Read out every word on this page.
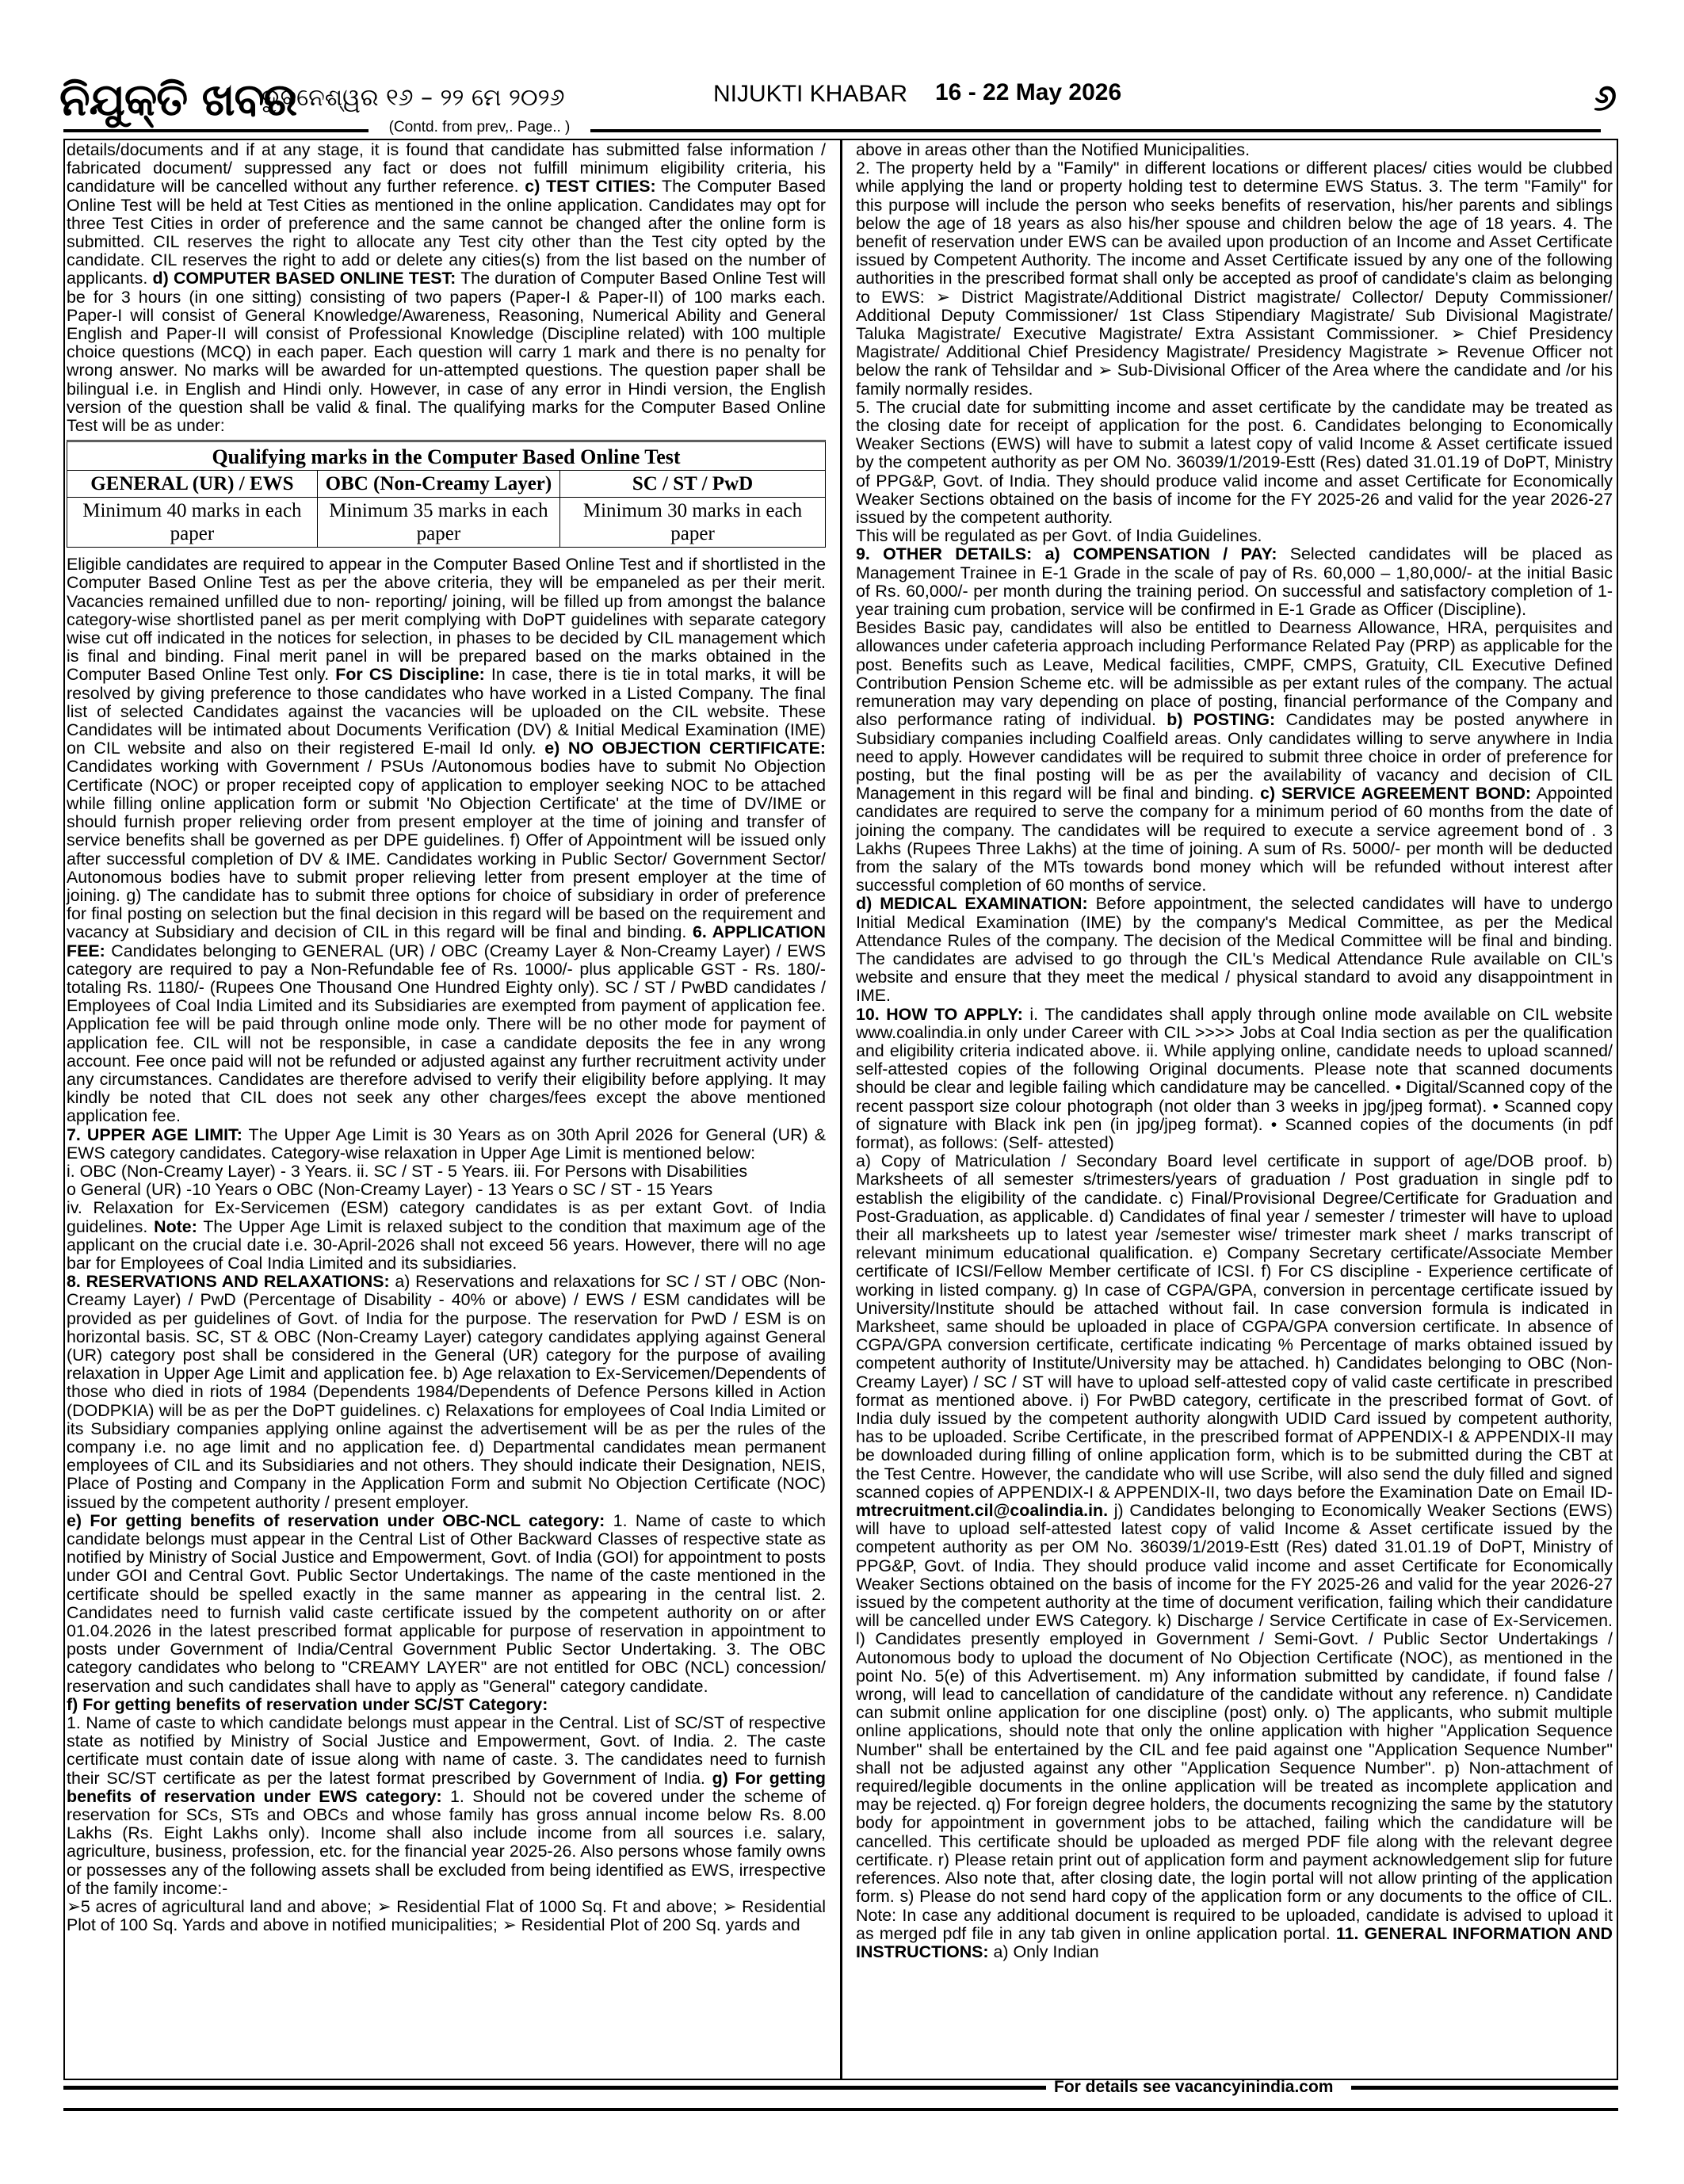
ନିଯୁକ୍ତି ଖବର
ଭୁବନେଶ୍ୱର ୧୬ – ୨୨ ମେ ୨୦୨୬	NIJUKTI KHABAR 16 - 22 May 2026	୬
(Contd. from prev,. Page.. )

details/documents and if at any stage, it is found that candidate has submitted false information / fabricated document/ suppressed any fact or does not fulfill minimum eligibility criteria, his candidature will be cancelled without any further reference. c) TEST CITIES: The Computer Based Online Test will be held at Test Cities as mentioned in the online application. Candidates may opt for three Test Cities in order of preference and the same cannot be changed after the online form is submitted. CIL reserves the right to allocate any Test city other than the Test city opted by the candidate. CIL reserves the right to add or delete any cities(s) from the list based on the number of applicants. d) COMPUTER BASED ONLINE TEST: The duration of Computer Based Online Test will be for 3 hours (in one sitting) consisting of two papers (Paper-I & Paper-II) of 100 marks each. Paper-I will consist of General Knowledge/Awareness, Reasoning, Numerical Ability and General English and Paper-II will consist of Professional Knowledge (Discipline related) with 100 multiple choice questions (MCQ) in each paper. Each question will carry 1 mark and there is no penalty for wrong answer. No marks will be awarded for un-attempted questions. The question paper shall be bilingual i.e. in English and Hindi only. However, in case of any error in Hindi version, the English version of the question shall be valid & final. The qualifying marks for the Computer Based Online Test will be as under:

Qualifying marks in the Computer Based Online Test
GENERAL (UR) / EWS	OBC (Non-Creamy Layer)	SC / ST / PwD
Minimum 40 marks in each paper	Minimum 35 marks in each paper	Minimum 30 marks in each paper

Eligible candidates are required to appear in the Computer Based Online Test and if shortlisted in the Computer Based Online Test as per the above criteria, they will be empaneled as per their merit. Vacancies remained unfilled due to non- reporting/ joining, will be filled up from amongst the balance category-wise shortlisted panel as per merit complying with DoPT guidelines with separate category wise cut off indicated in the notices for selection, in phases to be decided by CIL management which is final and binding. Final merit panel in will be prepared based on the marks obtained in the Computer Based Online Test only. For CS Discipline: In case, there is tie in total marks, it will be resolved by giving preference to those candidates who have worked in a Listed Company. The final list of selected Candidates against the vacancies will be uploaded on the CIL website. These Candidates will be intimated about Documents Verification (DV) & Initial Medical Examination (IME) on CIL website and also on their registered E-mail Id only. e) NO OBJECTION CERTIFICATE: Candidates working with Government / PSUs /Autonomous bodies have to submit No Objection Certificate (NOC) or proper receipted copy of application to employer seeking NOC to be attached while filling online application form or submit 'No Objection Certificate' at the time of DV/IME or should furnish proper relieving order from present employer at the time of joining and transfer of service benefits shall be governed as per DPE guidelines. f) Offer of Appointment will be issued only after successful completion of DV & IME. Candidates working in Public Sector/ Government Sector/ Autonomous bodies have to submit proper relieving letter from present employer at the time of joining. g) The candidate has to submit three options for choice of subsidiary in order of preference for final posting on selection but the final decision in this regard will be based on the requirement and vacancy at Subsidiary and decision of CIL in this regard will be final and binding. 6. APPLICATION FEE: Candidates belonging to GENERAL (UR) / OBC (Creamy Layer & Non-Creamy Layer) / EWS category are required to pay a Non-Refundable fee of Rs. 1000/- plus applicable GST - Rs. 180/- totaling Rs. 1180/- (Rupees One Thousand One Hundred Eighty only). SC / ST / PwBD candidates / Employees of Coal India Limited and its Subsidiaries are exempted from payment of application fee. Application fee will be paid through online mode only. There will be no other mode for payment of application fee. CIL will not be responsible, in case a candidate deposits the fee in any wrong account. Fee once paid will not be refunded or adjusted against any further recruitment activity under any circumstances. Candidates are therefore advised to verify their eligibility before applying. It may kindly be noted that CIL does not seek any other charges/fees except the above mentioned application fee.

7. UPPER AGE LIMIT: The Upper Age Limit is 30 Years as on 30th April 2026 for General (UR) & EWS category candidates. Category-wise relaxation in Upper Age Limit is mentioned below:

i. OBC (Non-Creamy Layer) - 3 Years. ii. SC / ST - 5 Years. iii. For Persons with Disabilities

o General (UR) -10 Years o OBC (Non-Creamy Layer) - 13 Years o SC / ST - 15 Years

iv. Relaxation for Ex-Servicemen (ESM) category candidates is as per extant Govt. of India guidelines. Note: The Upper Age Limit is relaxed subject to the condition that maximum age of the applicant on the crucial date i.e. 30-April-2026 shall not exceed 56 years. However, there will no age bar for Employees of Coal India Limited and its subsidiaries.

8. RESERVATIONS AND RELAXATIONS: a) Reservations and relaxations for SC / ST / OBC (Non-Creamy Layer) / PwD (Percentage of Disability - 40% or above) / EWS / ESM candidates will be provided as per guidelines of Govt. of India for the purpose. The reservation for PwD / ESM is on horizontal basis. SC, ST & OBC (Non-Creamy Layer) category candidates applying against General (UR) category post shall be considered in the General (UR) category for the purpose of availing relaxation in Upper Age Limit and application fee. b) Age relaxation to Ex-Servicemen/Dependents of those who died in riots of 1984 (Dependents 1984/Dependents of Defence Persons killed in Action (DODPKIA) will be as per the DoPT guidelines. c) Relaxations for employees of Coal India Limited or its Subsidiary companies applying online against the advertisement will be as per the rules of the company i.e. no age limit and no application fee. d) Departmental candidates mean permanent employees of CIL and its Subsidiaries and not others. They should indicate their Designation, NEIS, Place of Posting and Company in the Application Form and submit No Objection Certificate (NOC) issued by the competent authority / present employer.

e) For getting benefits of reservation under OBC-NCL category: 1. Name of caste to which candidate belongs must appear in the Central List of Other Backward Classes of respective state as notified by Ministry of Social Justice and Empowerment, Govt. of India (GOI) for appointment to posts under GOI and Central Govt. Public Sector Undertakings. The name of the caste mentioned in the certificate should be spelled exactly in the same manner as appearing in the central list. 2. Candidates need to furnish valid caste certificate issued by the competent authority on or after 01.04.2026 in the latest prescribed format applicable for purpose of reservation in appointment to posts under Government of India/Central Government Public Sector Undertaking. 3. The OBC category candidates who belong to "CREAMY LAYER" are not entitled for OBC (NCL) concession/ reservation and such candidates shall have to apply as "General" category candidate.

f) For getting benefits of reservation under SC/ST Category:

1. Name of caste to which candidate belongs must appear in the Central. List of SC/ST of respective state as notified by Ministry of Social Justice and Empowerment, Govt. of India. 2. The caste certificate must contain date of issue along with name of caste. 3. The candidates need to furnish their SC/ST certificate as per the latest format prescribed by Government of India. g) For getting benefits of reservation under EWS category: 1. Should not be covered under the scheme of reservation for SCs, STs and OBCs and whose family has gross annual income below Rs. 8.00 Lakhs (Rs. Eight Lakhs only). Income shall also include income from all sources i.e. salary, agriculture, business, profession, etc. for the financial year 2025-26. Also persons whose family owns or possesses any of the following assets shall be excluded from being identified as EWS, irrespective of the family income:-

➢5 acres of agricultural land and above; ➢ Residential Flat of 1000 Sq. Ft and above; ➢ Residential Plot of 100 Sq. Yards and above in notified municipalities; ➢ Residential Plot of 200 Sq. yards and

above in areas other than the Notified Municipalities.

2. The property held by a "Family" in different locations or different places/ cities would be clubbed while applying the land or property holding test to determine EWS Status. 3. The term "Family" for this purpose will include the person who seeks benefits of reservation, his/her parents and siblings below the age of 18 years as also his/her spouse and children below the age of 18 years. 4. The benefit of reservation under EWS can be availed upon production of an Income and Asset Certificate issued by Competent Authority. The income and Asset Certificate issued by any one of the following authorities in the prescribed format shall only be accepted as proof of candidate's claim as belonging to EWS: ➢ District Magistrate/Additional District magistrate/ Collector/ Deputy Commissioner/ Additional Deputy Commissioner/ 1st Class Stipendiary Magistrate/ Sub Divisional Magistrate/ Taluka Magistrate/ Executive Magistrate/ Extra Assistant Commissioner. ➢ Chief Presidency Magistrate/ Additional Chief Presidency Magistrate/ Presidency Magistrate ➢ Revenue Officer not below the rank of Tehsildar and ➢ Sub-Divisional Officer of the Area where the candidate and /or his family normally resides.

5. The crucial date for submitting income and asset certificate by the candidate may be treated as the closing date for receipt of application for the post. 6. Candidates belonging to Economically Weaker Sections (EWS) will have to submit a latest copy of valid Income & Asset certificate issued by the competent authority as per OM No. 36039/1/2019-Estt (Res) dated 31.01.19 of DoPT, Ministry of PPG&P, Govt. of India. They should produce valid income and asset Certificate for Economically Weaker Sections obtained on the basis of income for the FY 2025-26 and valid for the year 2026-27 issued by the competent authority.

This will be regulated as per Govt. of India Guidelines.

9. OTHER DETAILS: a) COMPENSATION / PAY: Selected candidates will be placed as Management Trainee in E-1 Grade in the scale of pay of Rs. 60,000 – 1,80,000/- at the initial Basic of Rs. 60,000/- per month during the training period. On successful and satisfactory completion of 1-year training cum probation, service will be confirmed in E-1 Grade as Officer (Discipline).

Besides Basic pay, candidates will also be entitled to Dearness Allowance, HRA, perquisites and allowances under cafeteria approach including Performance Related Pay (PRP) as applicable for the post. Benefits such as Leave, Medical facilities, CMPF, CMPS, Gratuity, CIL Executive Defined Contribution Pension Scheme etc. will be admissible as per extant rules of the company. The actual remuneration may vary depending on place of posting, financial performance of the Company and also performance rating of individual. b) POSTING: Candidates may be posted anywhere in Subsidiary companies including Coalfield areas. Only candidates willing to serve anywhere in India need to apply. However candidates will be required to submit three choice in order of preference for posting, but the final posting will be as per the availability of vacancy and decision of CIL Management in this regard will be final and binding. c) SERVICE AGREEMENT BOND: Appointed candidates are required to serve the company for a minimum period of 60 months from the date of joining the company. The candidates will be required to execute a service agreement bond of . 3 Lakhs (Rupees Three Lakhs) at the time of joining. A sum of Rs. 5000/- per month will be deducted from the salary of the MTs towards bond money which will be refunded without interest after successful completion of 60 months of service.

d) MEDICAL EXAMINATION: Before appointment, the selected candidates will have to undergo Initial Medical Examination (IME) by the company's Medical Committee, as per the Medical Attendance Rules of the company. The decision of the Medical Committee will be final and binding. The candidates are advised to go through the CIL's Medical Attendance Rule available on CIL's website and ensure that they meet the medical / physical standard to avoid any disappointment in IME.

10. HOW TO APPLY: i. The candidates shall apply through online mode available on CIL website www.coalindia.in only under Career with CIL >>>> Jobs at Coal India section as per the qualification and eligibility criteria indicated above. ii. While applying online, candidate needs to upload scanned/ self-attested copies of the following Original documents. Please note that scanned documents should be clear and legible failing which candidature may be cancelled. • Digital/Scanned copy of the recent passport size colour photograph (not older than 3 weeks in jpg/jpeg format). • Scanned copy of signature with Black ink pen (in jpg/jpeg format). • Scanned copies of the documents (in pdf format), as follows: (Self- attested)

a) Copy of Matriculation / Secondary Board level certificate in support of age/DOB proof. b) Marksheets of all semester s/trimesters/years of graduation / Post graduation in single pdf to establish the eligibility of the candidate. c) Final/Provisional Degree/Certificate for Graduation and Post-Graduation, as applicable. d) Candidates of final year / semester / trimester will have to upload their all marksheets up to latest year /semester wise/ trimester mark sheet / marks transcript of relevant minimum educational qualification. e) Company Secretary certificate/Associate Member certificate of ICSI/Fellow Member certificate of ICSI. f) For CS discipline - Experience certificate of working in listed company. g) In case of CGPA/GPA, conversion in percentage certificate issued by University/Institute should be attached without fail. In case conversion formula is indicated in Marksheet, same should be uploaded in place of CGPA/GPA conversion certificate. In absence of CGPA/GPA conversion certificate, certificate indicating % Percentage of marks obtained issued by competent authority of Institute/University may be attached. h) Candidates belonging to OBC (Non-Creamy Layer) / SC / ST will have to upload self-attested copy of valid caste certificate in prescribed format as mentioned above. i) For PwBD category, certificate in the prescribed format of Govt. of India duly issued by the competent authority alongwith UDID Card issued by competent authority, has to be uploaded. Scribe Certificate, in the prescribed format of APPENDIX-I & APPENDIX-II may be downloaded during filling of online application form, which is to be submitted during the CBT at the Test Centre. However, the candidate who will use Scribe, will also send the duly filled and signed scanned copies of APPENDIX-I & APPENDIX-II, two days before the Examination Date on Email ID- mtrecruitment.cil@coalindia.in. j) Candidates belonging to Economically Weaker Sections (EWS) will have to upload self-attested latest copy of valid Income & Asset certificate issued by the competent authority as per OM No. 36039/1/2019-Estt (Res) dated 31.01.19 of DoPT, Ministry of PPG&P, Govt. of India. They should produce valid income and asset Certificate for Economically Weaker Sections obtained on the basis of income for the FY 2025-26 and valid for the year 2026-27 issued by the competent authority at the time of document verification, failing which their candidature will be cancelled under EWS Category. k) Discharge / Service Certificate in case of Ex-Servicemen. l) Candidates presently employed in Government / Semi-Govt. / Public Sector Undertakings / Autonomous body to upload the document of No Objection Certificate (NOC), as mentioned in the point No. 5(e) of this Advertisement. m) Any information submitted by candidate, if found false / wrong, will lead to cancellation of candidature of the candidate without any reference. n) Candidate can submit online application for one discipline (post) only. o) The applicants, who submit multiple online applications, should note that only the online application with higher "Application Sequence Number" shall be entertained by the CIL and fee paid against one "Application Sequence Number" shall not be adjusted against any other "Application Sequence Number". p) Non-attachment of required/legible documents in the online application will be treated as incomplete application and may be rejected. q) For foreign degree holders, the documents recognizing the same by the statutory body for appointment in government jobs to be attached, failing which the candidature will be cancelled. This certificate should be uploaded as merged PDF file along with the relevant degree certificate. r) Please retain print out of application form and payment acknowledgement slip for future references. Also note that, after closing date, the login portal will not allow printing of the application form. s) Please do not send hard copy of the application form or any documents to the office of CIL. Note: In case any additional document is required to be uploaded, candidate is advised to upload it as merged pdf file in any tab given in online application portal. 11. GENERAL INFORMATION AND INSTRUCTIONS: a) Only Indian

For details see vacancyinindia.com
